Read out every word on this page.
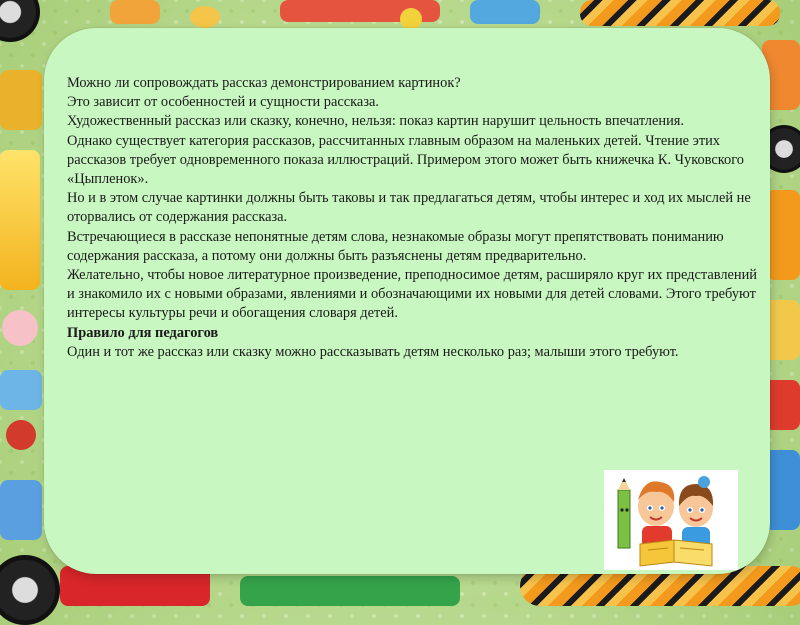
Можно ли сопровождать рассказ демонстрированием картинок?

Это зависит от особенностей и сущности рассказа.

Художественный рассказ или сказку, конечно, нельзя: показ картин нарушит цельность впечатления.

Однако существует категория рассказов, рассчитанных главным образом на маленьких детей. Чтение этих рассказов требует одновременного показа иллюстраций. Примером этого может быть книжечка К. Чуковского «Цыпленок».

Но и в этом случае картинки должны быть таковы и так предлагаться детям, чтобы интерес и ход их мыслей не оторвались от содержания рассказа.

Встречающиеся в рассказе непонятные детям слова, незнакомые образы могут препятствовать пониманию содержания рассказа, а потому они должны быть разъяснены детям предварительно.

Желательно, чтобы новое литературное произведение, преподносимое детям, расширяло круг их представлений и знакомило их с новыми образами, явлениями и обозначающими их новыми для детей словами. Этого требуют интересы культуры речи и обогащения словаря детей.

Правило для педагогов

Один и тот же рассказ или сказку можно рассказывать детям несколько раз; малыши этого требуют.
